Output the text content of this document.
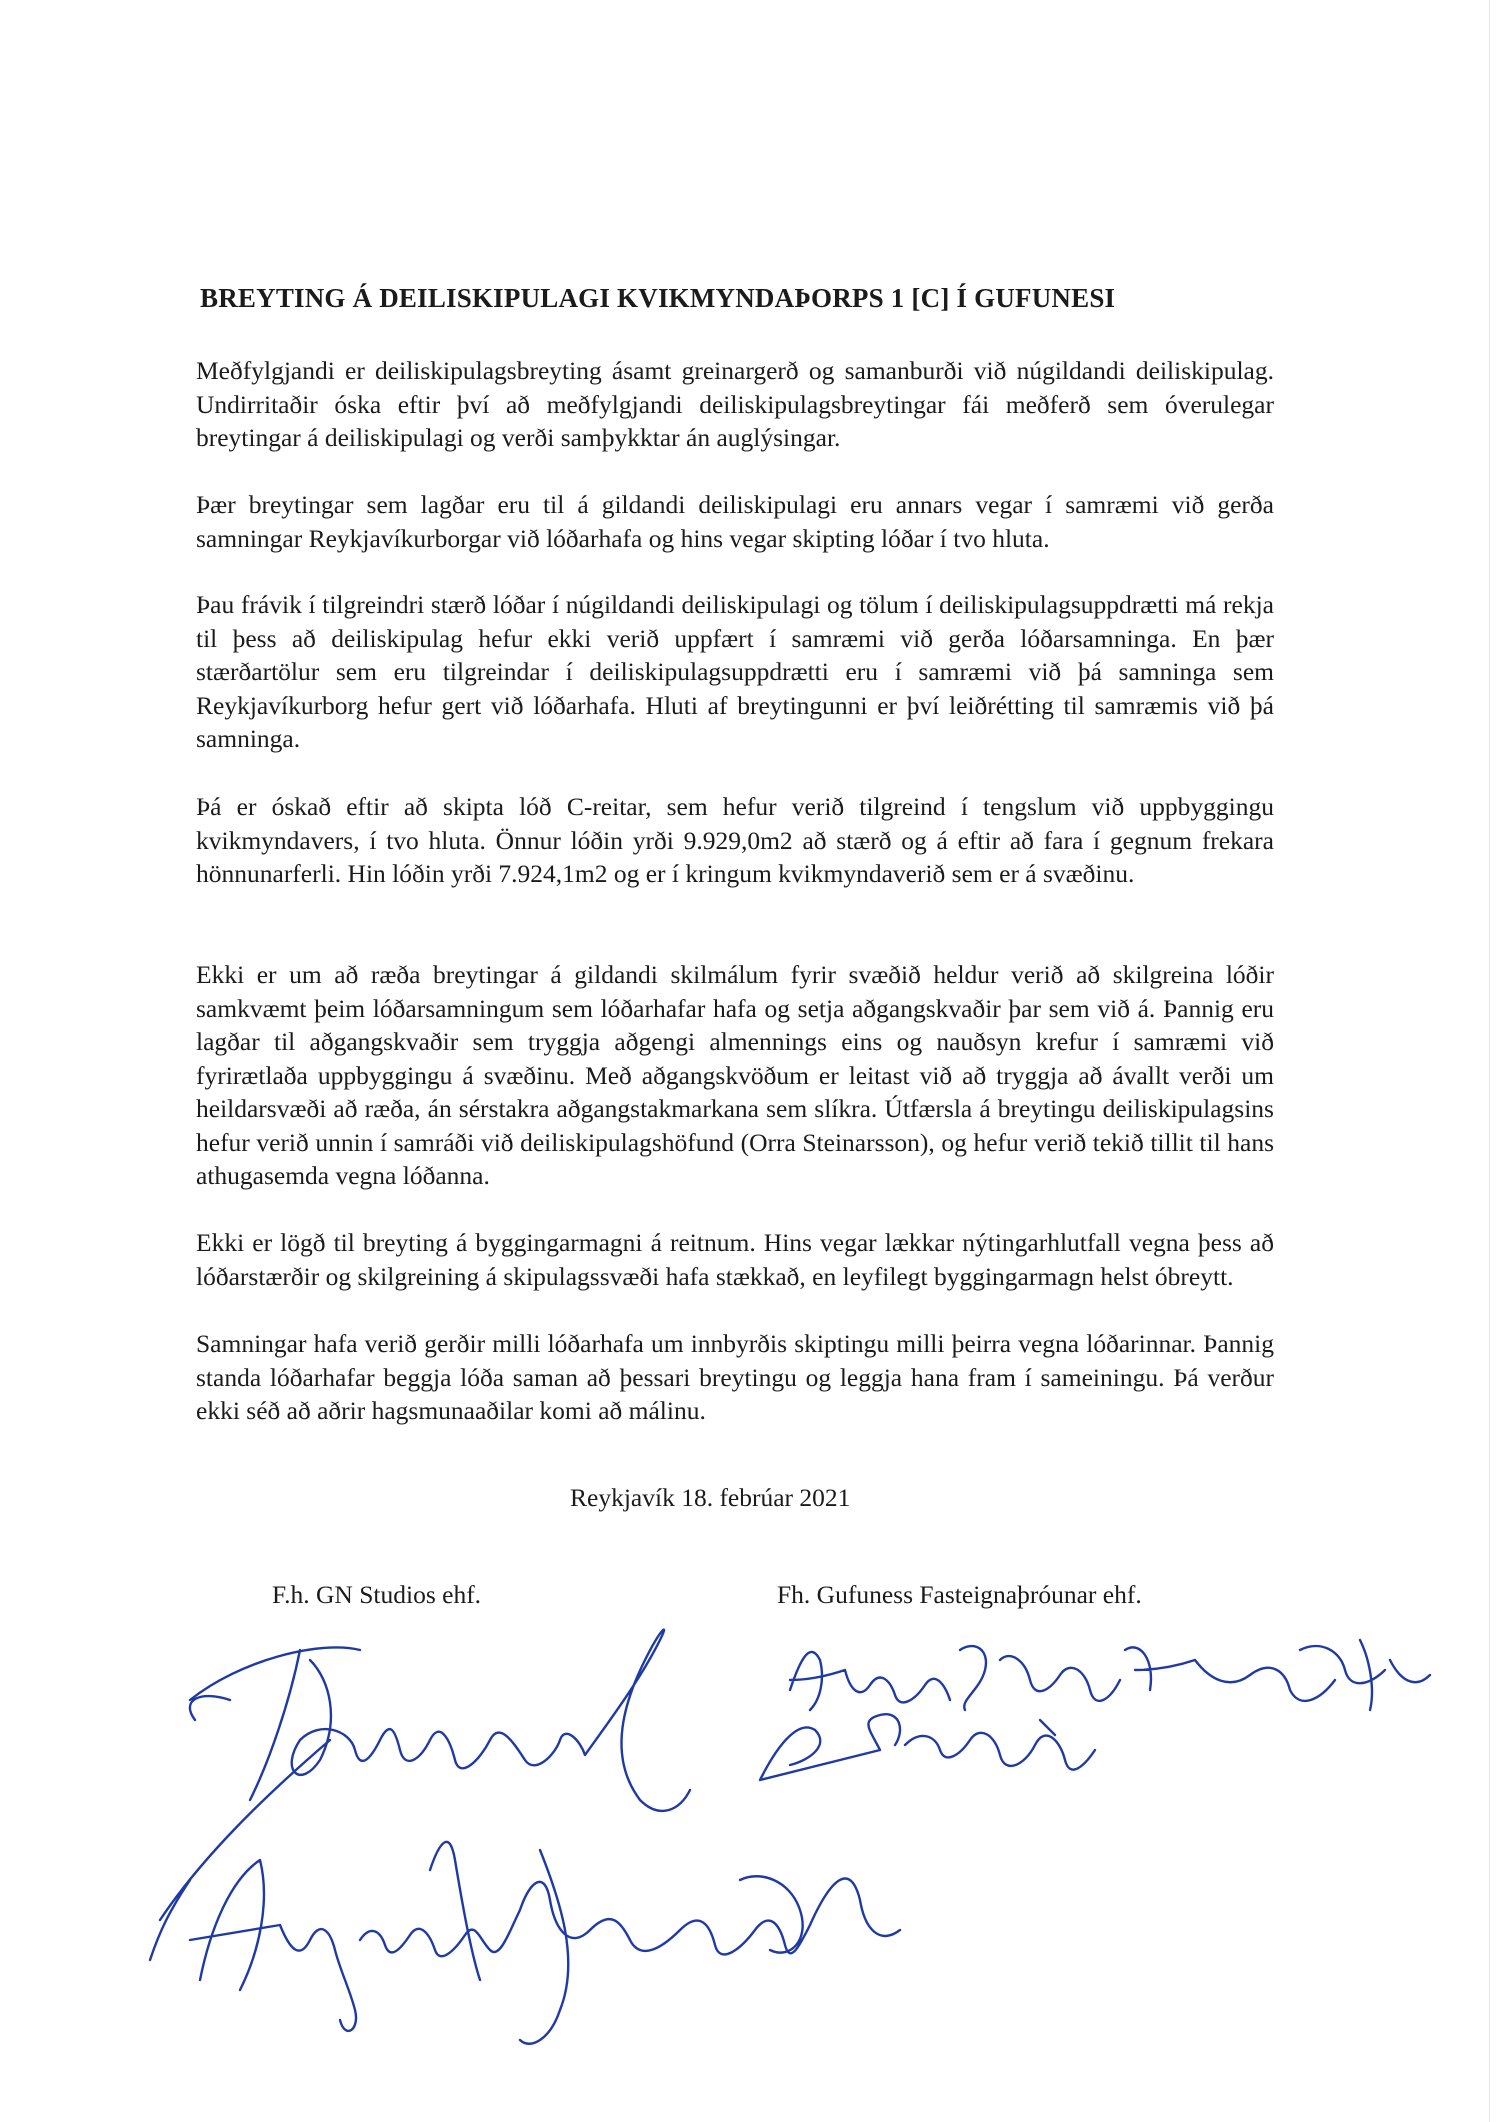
BREYTING Á DEILISKIPULAGI KVIKMYNDAÞORPS 1 [C] Í GUFUNESI

Meðfylgjandi er deiliskipulagsbreyting ásamt greinargerð og samanburði við núgildandi deiliskipulag. Undirritaðir óska eftir því að meðfylgjandi deiliskipulagsbreytingar fái meðferð sem óverulegar breytingar á deiliskipulagi og verði samþykktar án auglýsingar.

Þær breytingar sem lagðar eru til á gildandi deiliskipulagi eru annars vegar í samræmi við gerða samningar Reykjavíkurborgar við lóðarhafa og hins vegar skipting lóðar í tvo hluta.

Þau frávik í tilgreindri stærð lóðar í núgildandi deiliskipulagi og tölum í deiliskipulagsuppdrætti má rekja til þess að deiliskipulag hefur ekki verið uppfært í samræmi við gerða lóðarsamninga. En þær stærðartölur sem eru tilgreindar í deiliskipulagsuppdrætti eru í samræmi við þá samninga sem Reykjavíkurborg hefur gert við lóðarhafa. Hluti af breytingunni er því leiðrétting til samræmis við þá samninga.

Þá er óskað eftir að skipta lóð C-reitar, sem hefur verið tilgreind í tengslum við uppbyggingu kvikmyndavers, í tvo hluta. Önnur lóðin yrði 9.929,0m2 að stærð og á eftir að fara í gegnum frekara hönnunarferli. Hin lóðin yrði 7.924,1m2 og er í kringum kvikmyndaverið sem er á svæðinu.

Ekki er um að ræða breytingar á gildandi skilmálum fyrir svæðið heldur verið að skilgreina lóðir samkvæmt þeim lóðarsamningum sem lóðarhafar hafa og setja aðgangskvaðir þar sem við á. Þannig eru lagðar til aðgangskvaðir sem tryggja aðgengi almennings eins og nauðsyn krefur í samræmi við fyrirætlaða uppbyggingu á svæðinu. Með aðgangskvöðum er leitast við að tryggja að ávallt verði um heildarsvæði að ræða, án sérstakra aðgangstakmarkana sem slíkra. Útfærsla á breytingu deiliskipulagsins hefur verið unnin í samráði við deiliskipulagshöfund (Orra Steinarsson), og hefur verið tekið tillit til hans athugasemda vegna lóðanna.

Ekki er lögð til breyting á byggingarmagni á reitnum. Hins vegar lækkar nýtingarhlutfall vegna þess að lóðarstærðir og skilgreining á skipulagssvæði hafa stækkað, en leyfilegt byggingarmagn helst óbreytt.

Samningar hafa verið gerðir milli lóðarhafa um innbyrðis skiptingu milli þeirra vegna lóðarinnar. Þannig standa lóðarhafar beggja lóða saman að þessari breytingu og leggja hana fram í sameiningu. Þá verður ekki séð að aðrir hagsmunaaðilar komi að málinu.

Reykjavík 18. febrúar 2021
F.h. GN Studios ehf.	Fh. Gufuness Fasteignaþróunar ehf.
